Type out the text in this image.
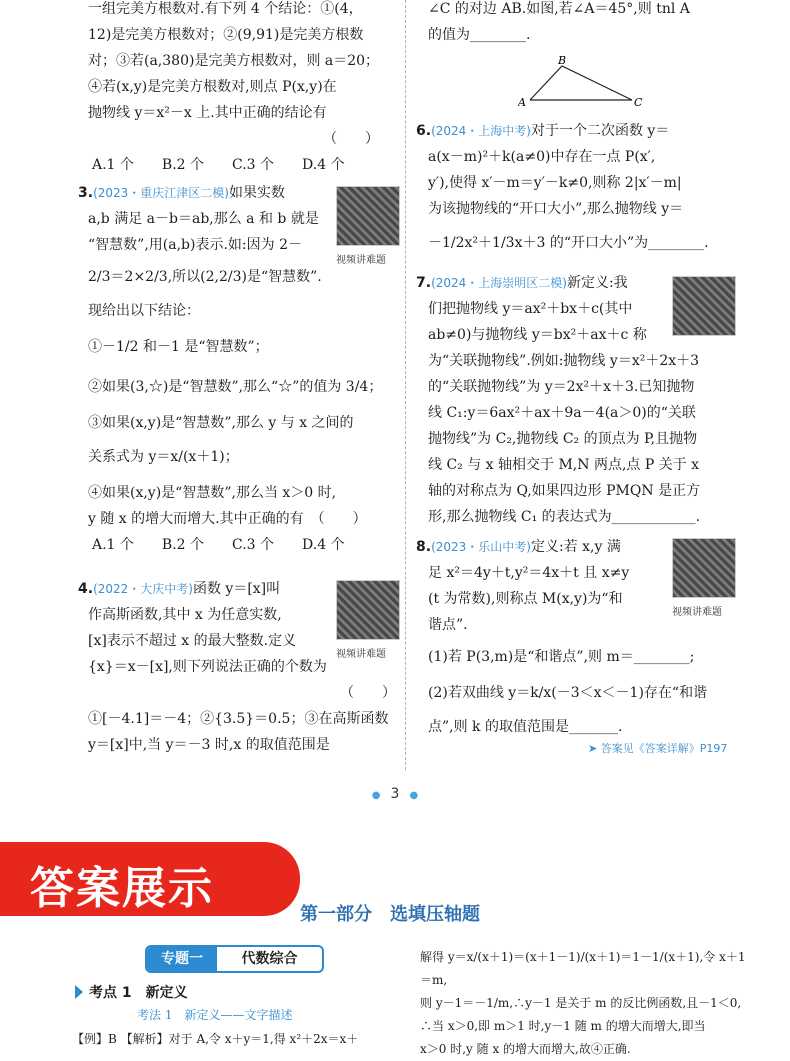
一组完美方根数对.有下列 4 个结论：①(4，
12)是完美方根数对；②(9,91)是完美方根数
对；③若(a,380)是完美方根数对，则 a＝20；
④若(x,y)是完美方根数对,则点 P(x,y)在
抛物线 y＝x²－x 上.其中正确的结论有
（　　）
A.1 个　　B.2 个　　C.3 个　　D.4 个
3.(2023・重庆江津区二模)如果实数
a,b 满足 a－b＝ab,那么 a 和 b 就是
“智慧数”,用(a,b)表示.如:因为 2－
2/3＝2×2/3,所以(2,2/3)是“智慧数”.
现给出以下结论：
①－1/2 和－1 是“智慧数”；
②如果(3,☆)是“智慧数”,那么“☆”的值为 3/4；
③如果(x,y)是“智慧数”,那么 y 与 x 之间的
关系式为 y＝x/(x＋1)；
④如果(x,y)是“智慧数”,那么当 x＞0 时,
y 随 x 的增大而增大.其中正确的有　（　　）
A.1 个　　B.2 个　　C.3 个　　D.4 个
视频讲难题
4.(2022・大庆中考)函数 y＝[x]叫
作高斯函数,其中 x 为任意实数,
[x]表示不超过 x 的最大整数.定义
{x}＝x－[x],则下列说法正确的个数为
（　　）
①[－4.1]＝－4；②{3.5}＝0.5；③在高斯函数
y＝[x]中,当 y＝－3 时,x 的取值范围是
视频讲难题
∠C 的对边 AB.如图,若∠A＝45°,则 tnl A
的值为________.
A
B
C
6.(2024・上海中考)对于一个二次函数 y＝
a(x－m)²＋k(a≠0)中存在一点 P(x′,
y′),使得 x′－m＝y′－k≠0,则称 2|x′－m|
为该抛物线的“开口大小”,那么抛物线 y＝
－1/2x²＋1/3x＋3 的“开口大小”为________.
7.(2024・上海崇明区二模)新定义:我
们把抛物线 y＝ax²＋bx＋c(其中
ab≠0)与抛物线 y＝bx²＋ax＋c 称
为“关联抛物线”.例如:抛物线 y＝x²＋2x＋3
的“关联抛物线”为 y＝2x²＋x＋3.已知抛物
线 C₁:y＝6ax²＋ax＋9a－4(a＞0)的“关联
抛物线”为 C₂,抛物线 C₂ 的顶点为 P,且抛物
线 C₂ 与 x 轴相交于 M,N 两点,点 P 关于 x
轴的对称点为 Q,如果四边形 PMQN 是正方
形,那么抛物线 C₁ 的表达式为____________.
8.(2023・乐山中考)定义:若 x,y 满
足 x²＝4y＋t,y²＝4x＋t 且 x≠y
(t 为常数),则称点 M(x,y)为“和
谐点”.
(1)若 P(3,m)是“和谐点”,则 m＝________;
(2)若双曲线 y＝k/x(－3＜x＜－1)存在“和谐
点”,则 k 的取值范围是_______.
视频讲难题
➤ 答案见《答案详解》P197
● 3 ●
答案展示
第一部分　选填压轴题
专题一	代数综合
考点 1　新定义
考法 1　新定义——文字描述
【例】B 【解析】对于 A,令 x＋y＝1,得 x²＋2x＝x＋
解得 y＝x/(x＋1)＝(x＋1－1)/(x＋1)＝1－1/(x＋1),令 x＋1＝m,
则 y－1＝－1/m,∴y－1 是关于 m 的反比例函数,且－1＜0,
∴当 x＞0,即 m＞1 时,y－1 随 m 的增大而增大,即当
x＞0 时,y 随 x 的增大而增大,故④正确.
